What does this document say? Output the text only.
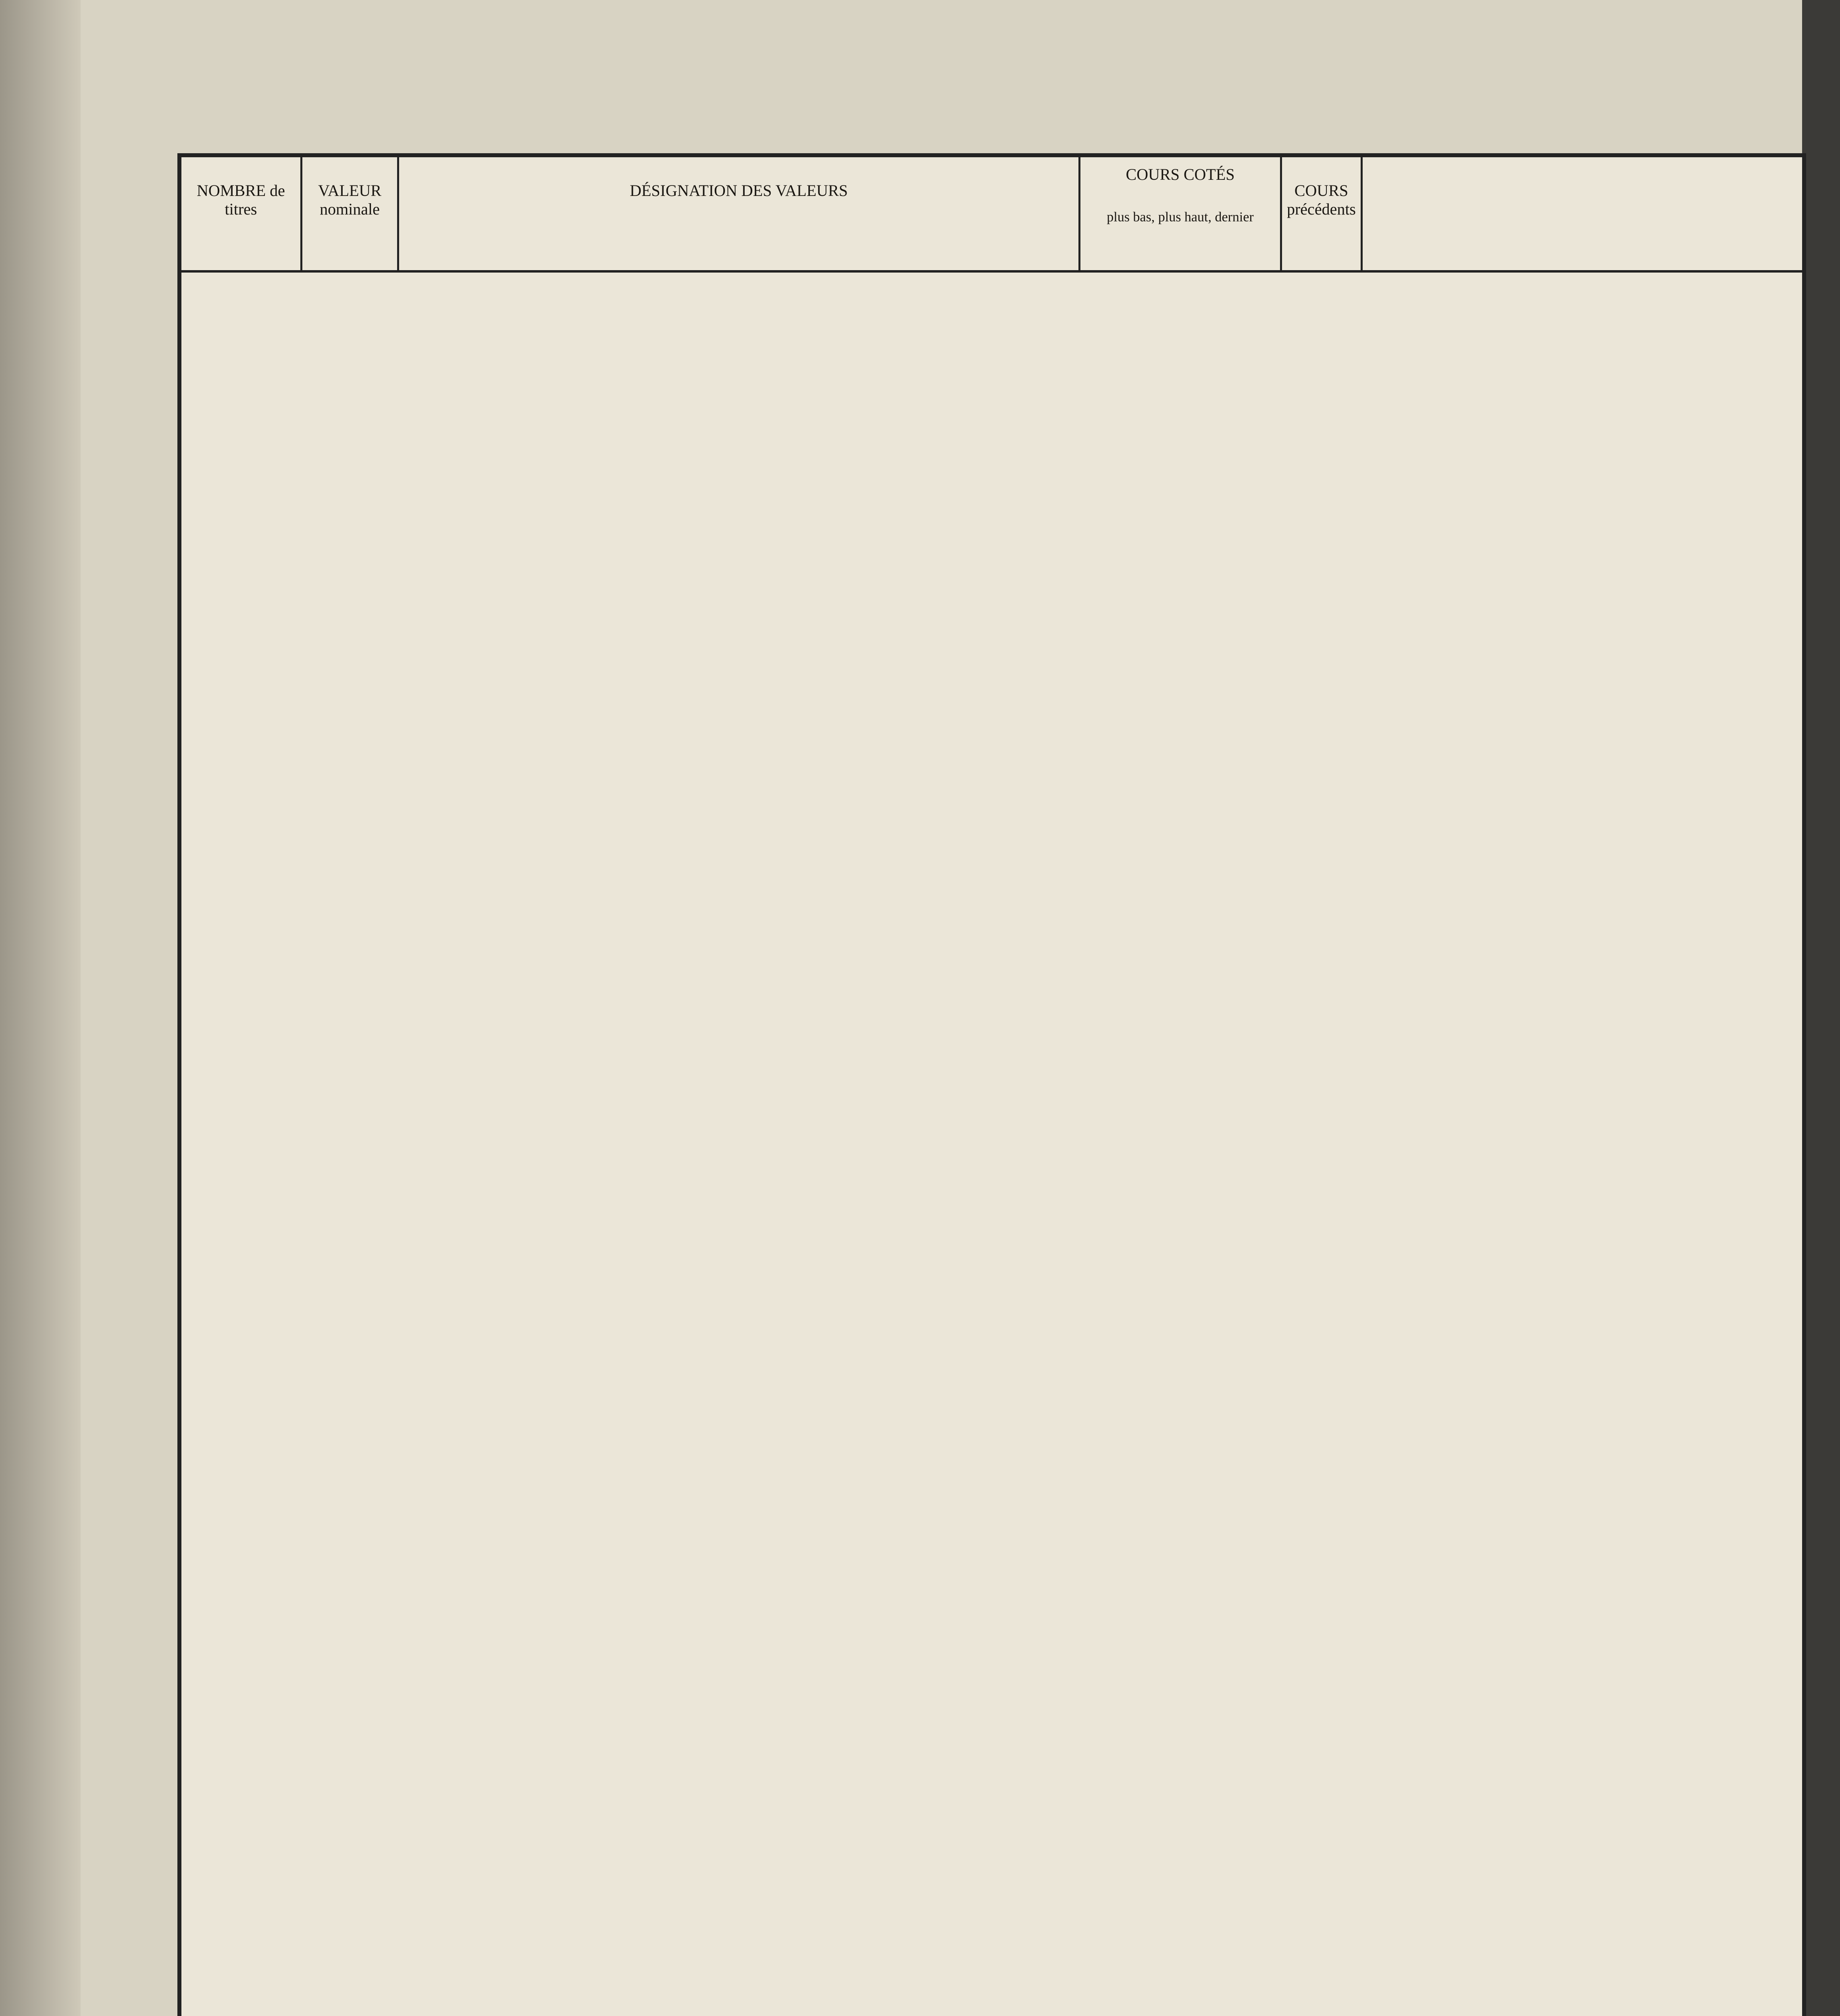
NOMBRE de titres
VALEUR nominale
DÉSIGNATION DES VALEURS
COURS COTÉS
plus bas, plus haut, dernier
COURS précédents
